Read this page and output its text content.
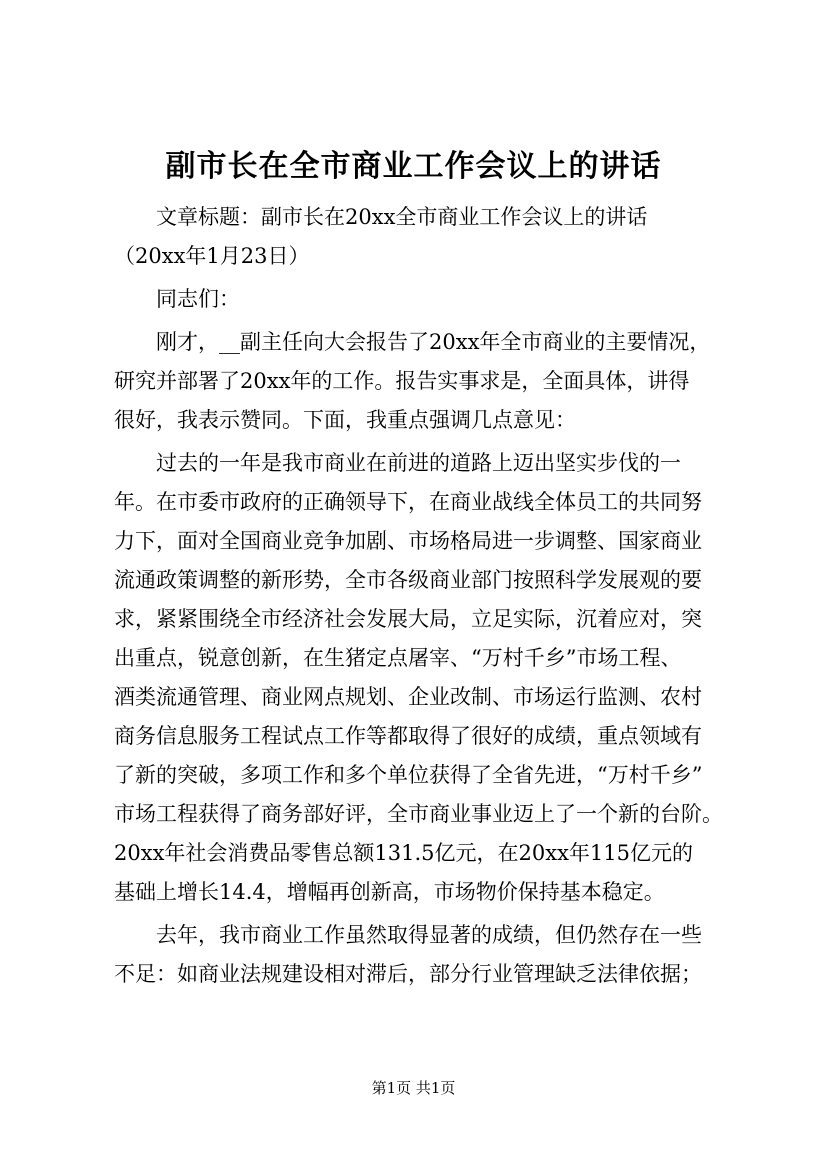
副市长在全市商业工作会议上的讲话
文章标题：副市长在20xx全市商业工作会议上的讲话
（20xx年1月23日）
同志们：
刚才，__副主任向大会报告了20xx年全市商业的主要情况，
研究并部署了20xx年的工作。报告实事求是，全面具体，讲得
很好，我表示赞同。下面，我重点强调几点意见：
过去的一年是我市商业在前进的道路上迈出坚实步伐的一
年。在市委市政府的正确领导下，在商业战线全体员工的共同努
力下，面对全国商业竞争加剧、市场格局进一步调整、国家商业
流通政策调整的新形势，全市各级商业部门按照科学发展观的要
求，紧紧围绕全市经济社会发展大局，立足实际，沉着应对，突
出重点，锐意创新，在生猪定点屠宰、“万村千乡”市场工程、
酒类流通管理、商业网点规划、企业改制、市场运行监测、农村
商务信息服务工程试点工作等都取得了很好的成绩，重点领域有
了新的突破，多项工作和多个单位获得了全省先进，“万村千乡”
市场工程获得了商务部好评，全市商业事业迈上了一个新的台阶。
20xx年社会消费品零售总额131.5亿元，在20xx年115亿元的
基础上增长14.4，增幅再创新高，市场物价保持基本稳定。
去年，我市商业工作虽然取得显著的成绩，但仍然存在一些
不足：如商业法规建设相对滞后，部分行业管理缺乏法律依据；
第1页 共1页
